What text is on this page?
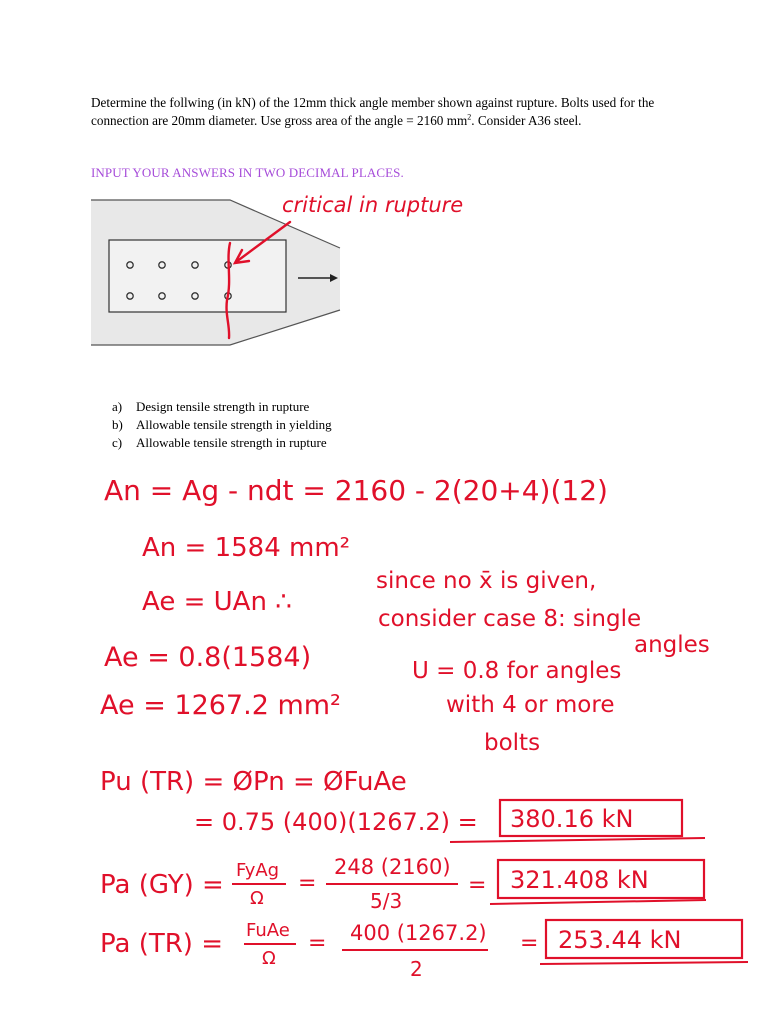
Determine the follwing (in kN) of the 12mm thick angle member shown against rupture. Bolts used for the connection are 20mm diameter. Use gross area of the angle = 2160 $mm^2$. Consider A36 steel.
INPUT YOUR ANSWERS IN TWO DECIMAL PLACES.
critical in rupture
a)	Design tensile strength in rupture
b)	Allowable tensile strength in yielding
c)	Allowable tensile strength in rupture
An = Ag - ndt = 2160 - 2(20+4)(12)
An = 1584 mm²
Ae = UAn ∴
Ae = 0.8(1584)
Ae = 1267.2 mm²
since no x̄ is given,
consider case 8: single
angles
U = 0.8 for angles
with 4 or more
bolts
Pu (TR) = ØPn = ØFuAe
= 0.75 (400)(1267.2) = 380.16 kN
Pa (GY) = FyAg
Ω
=
248 (2160)
5/3
= 321.408 kN
Pa (TR) = FuAe
Ω
= 400 (1267.2)
2
= 253.44 kN
